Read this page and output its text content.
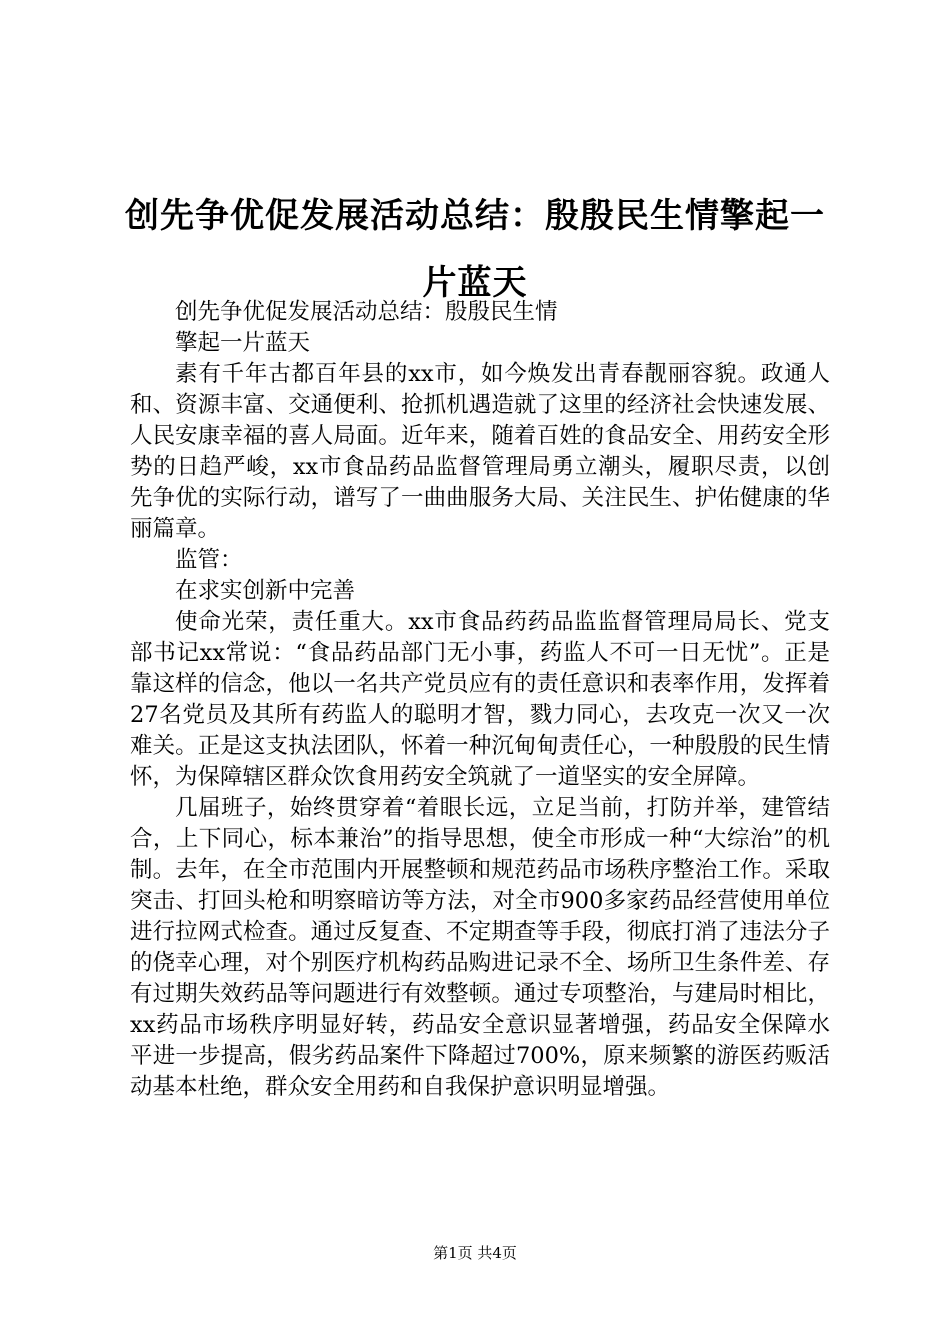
创先争优促发展活动总结：殷殷民生情擎起一片蓝天

创先争优促发展活动总结：殷殷民生情

擎起一片蓝天

素有千年古都百年县的xx市，如今焕发出青春靓丽容貌。政通人和、资源丰富、交通便利、抢抓机遇造就了这里的经济社会快速发展、人民安康幸福的喜人局面。近年来，随着百姓的食品安全、用药安全形势的日趋严峻，xx市食品药品监督管理局勇立潮头，履职尽责，以创先争优的实际行动，谱写了一曲曲服务大局、关注民生、护佑健康的华丽篇章。

监管：

在求实创新中完善

使命光荣，责任重大。xx市食品药药品监监督管理局局长、党支部书记xx常说：“食品药品部门无小事，药监人不可一日无忧”。正是靠这样的信念，他以一名共产党员应有的责任意识和表率作用，发挥着27名党员及其所有药监人的聪明才智，戮力同心，去攻克一次又一次难关。正是这支执法团队，怀着一种沉甸甸责任心，一种殷殷的民生情怀，为保障辖区群众饮食用药安全筑就了一道坚实的安全屏障。

几届班子，始终贯穿着“着眼长远，立足当前，打防并举，建管结合，上下同心，标本兼治”的指导思想，使全市形成一种“大综治”的机制。去年，在全市范围内开展整顿和规范药品市场秩序整治工作。采取突击、打回头枪和明察暗访等方法，对全市900多家药品经营使用单位进行拉网式检查。通过反复查、不定期查等手段，彻底打消了违法分子的侥幸心理，对个别医疗机构药品购进记录不全、场所卫生条件差、存有过期失效药品等问题进行有效整顿。通过专项整治，与建局时相比，xx药品市场秩序明显好转，药品安全意识显著增强，药品安全保障水平进一步提高，假劣药品案件下降超过700%，原来频繁的游医药贩活动基本杜绝，群众安全用药和自我保护意识明显增强。

第1页 共4页
